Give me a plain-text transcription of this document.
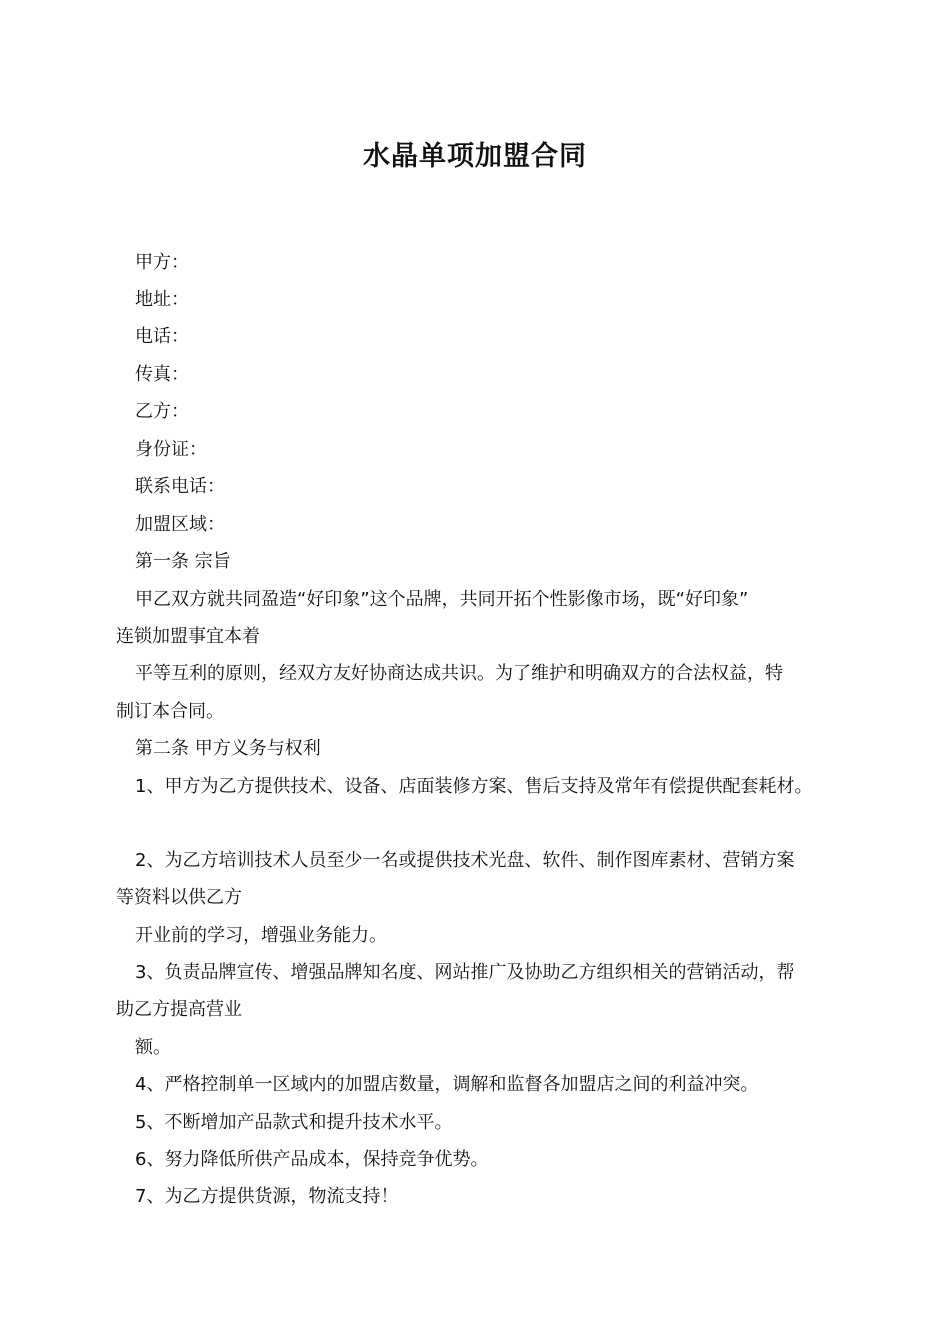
水晶单项加盟合同
甲方：
地址：
电话：
传真：
乙方：
身份证：
联系电话：
加盟区域：
第一条 宗旨
甲乙双方就共同盈造“好印象”这个品牌，共同开拓个性影像市场，既“好印象”
连锁加盟事宜本着
平等互利的原则，经双方友好协商达成共识。为了维护和明确双方的合法权益，特
制订本合同。
第二条 甲方义务与权利
1、甲方为乙方提供技术、设备、店面装修方案、售后支持及常年有偿提供配套耗材。
2、为乙方培训技术人员至少一名或提供技术光盘、软件、制作图库素材、营销方案
等资料以供乙方
开业前的学习，增强业务能力。
3、负责品牌宣传、增强品牌知名度、网站推广及协助乙方组织相关的营销活动，帮
助乙方提高营业
额。
4、严格控制单一区域内的加盟店数量，调解和监督各加盟店之间的利益冲突。
5、不断增加产品款式和提升技术水平。
6、努力降低所供产品成本，保持竞争优势。
7、为乙方提供货源，物流支持！
